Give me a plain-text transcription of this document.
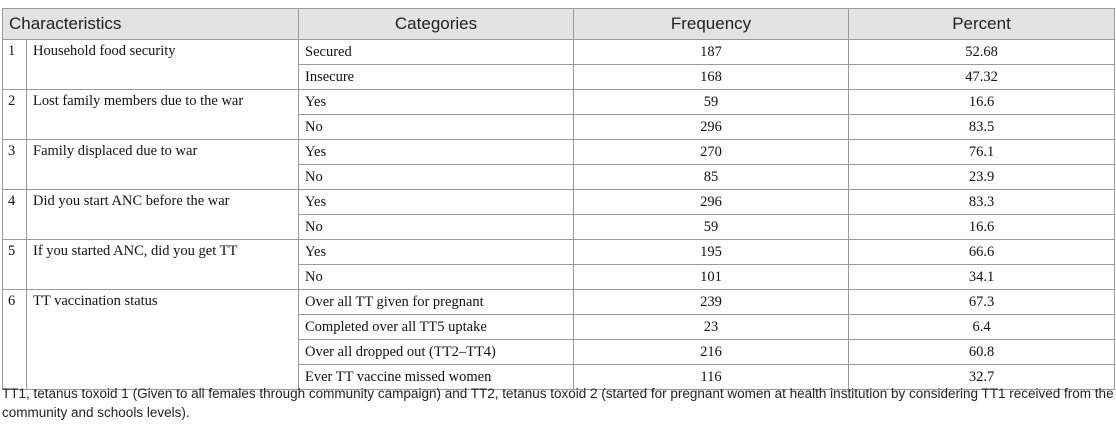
Characteristics		Categories	Frequency	Percent
1	Household food security	Secured	187	52.68
		Insecure	168	47.32
2	Lost family members due to the war	Yes	59	16.6
		No	296	83.5
3	Family displaced due to war	Yes	270	76.1
		No	85	23.9
4	Did you start ANC before the war	Yes	296	83.3
		No	59	16.6
5	If you started ANC, did you get TT	Yes	195	66.6
		No	101	34.1
6	TT vaccination status	Over all TT given for pregnant	239	67.3
		Completed over all TT5 uptake	23	6.4
		Over all dropped out (TT2–TT4)	216	60.8
		Ever TT vaccine missed women	116	32.7
TT1, tetanus toxoid 1 (Given to all females through community campaign) and TT2, tetanus toxoid 2 (started for pregnant women at health institution by considering TT1 received from the community and schools levels).
